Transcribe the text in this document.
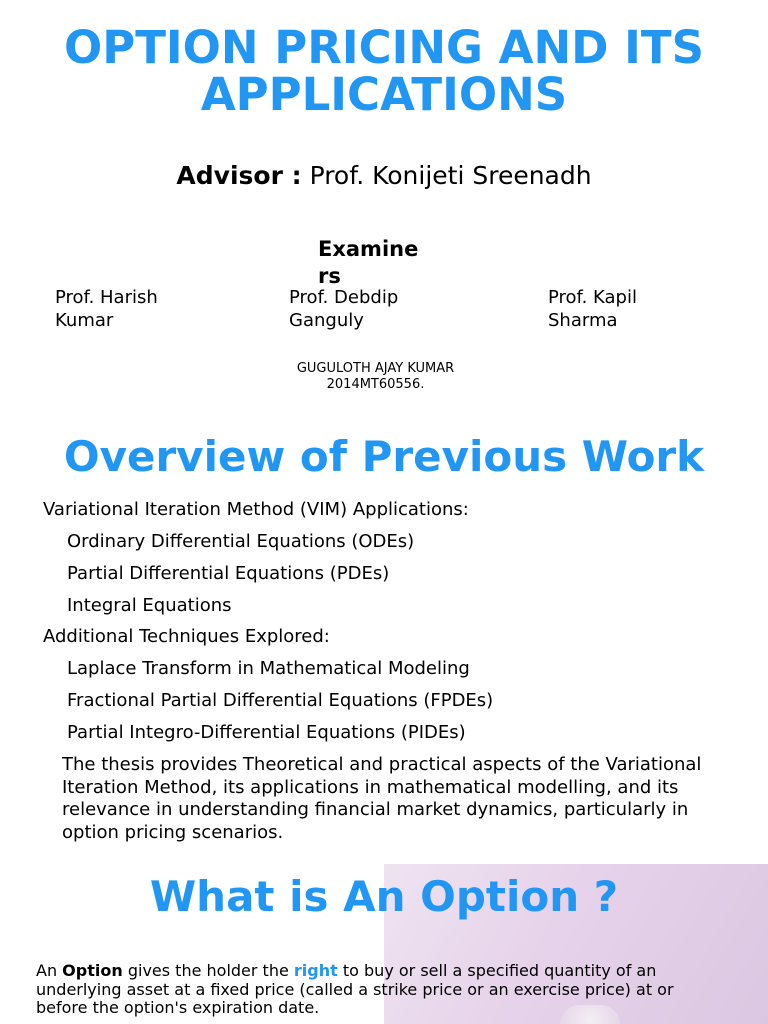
OPTION PRICING AND ITS
APPLICATIONS
Advisor : Prof. Konijeti Sreenadh
Examiners
Prof. Harish
Kumar
Prof. Debdip
Ganguly
Prof. Kapil
Sharma
GUGULOTH AJAY KUMAR
2014MT60556.
Overview of Previous Work
Variational Iteration Method (VIM) Applications:
Ordinary Differential Equations (ODEs)
Partial Differential Equations (PDEs)
Integral Equations
Additional Techniques Explored:
Laplace Transform in Mathematical Modeling
Fractional Partial Differential Equations (FPDEs)
Partial Integro-Differential Equations (PIDEs)
The thesis provides Theoretical and practical aspects of the Variational Iteration Method, its applications in mathematical modelling, and its relevance in understanding financial market dynamics, particularly in option pricing scenarios.
What is An Option ?
An Option gives the holder the right to buy or sell a specified quantity of an underlying asset at a fixed price (called a strike price or an exercise price) at or before the option's expiration date.
